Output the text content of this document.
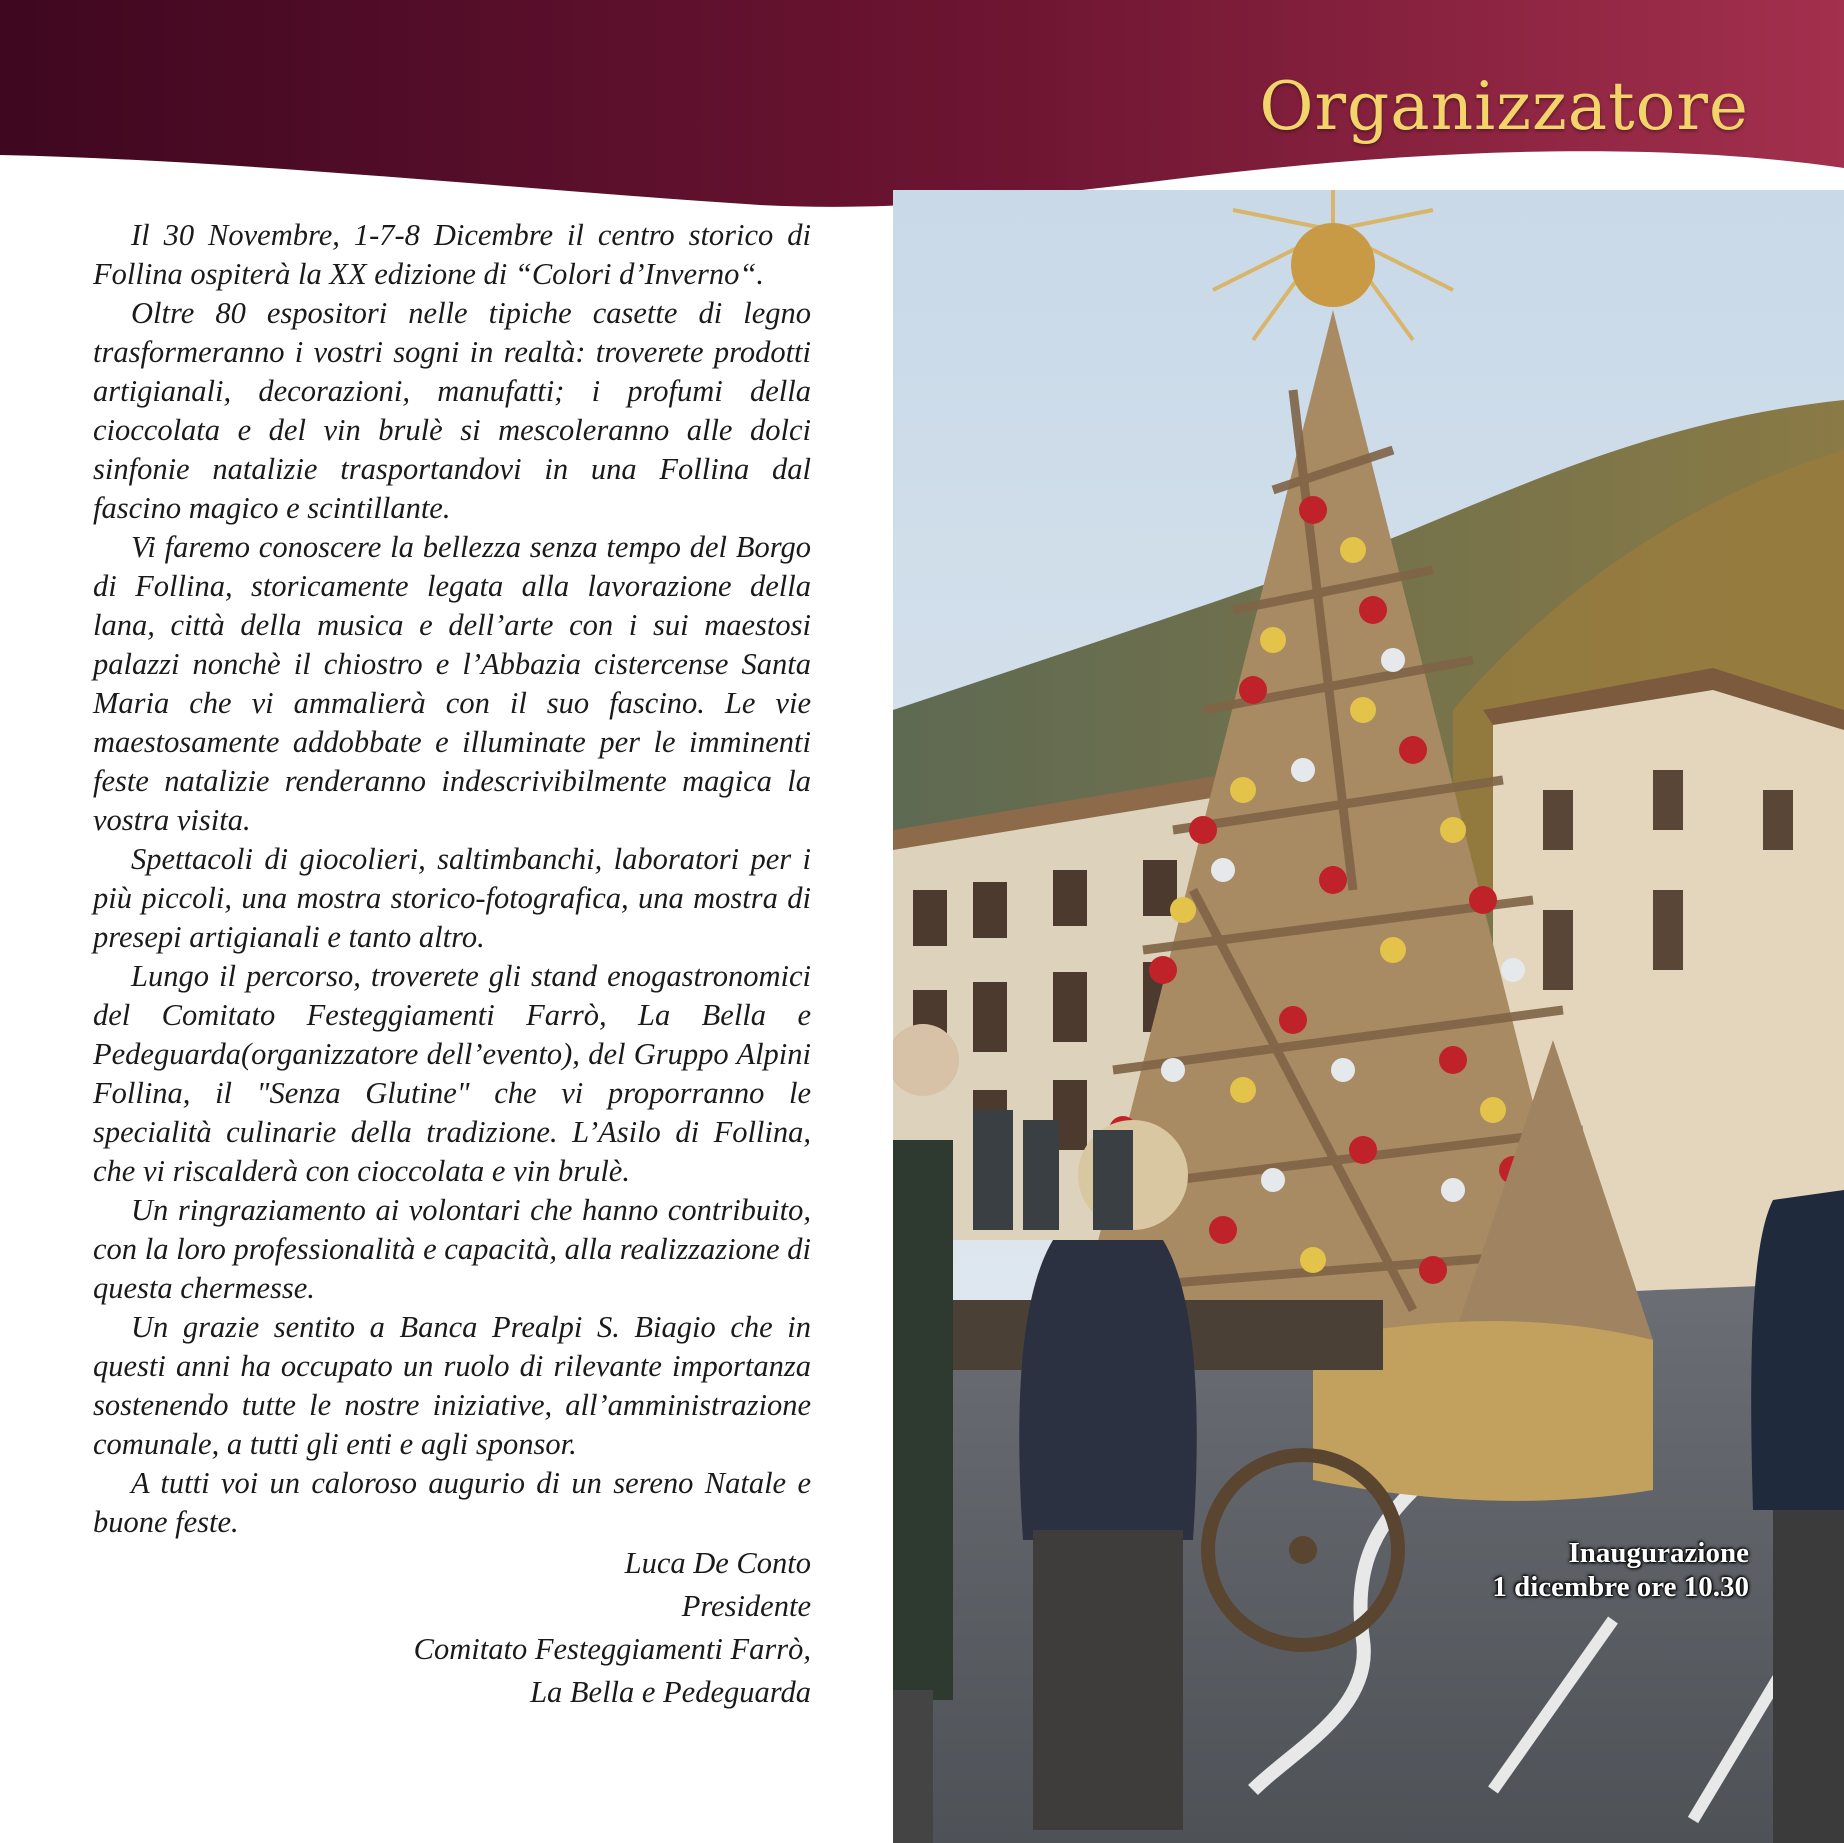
Organizzatore

Il 30 Novembre, 1-7-8 Dicembre il centro storico di Follina ospiterà la XX edizione di “Colori d’Inverno“.

Oltre 80 espositori nelle tipiche casette di legno trasformeranno i vostri sogni in realtà: troverete prodotti artigianali, decorazioni, manufatti; i profumi della cioccolata e del vin brulè si mescoleranno alle dolci sinfonie natalizie trasportandovi in una Follina dal fascino magico e scintillante.

Vi faremo conoscere la bellezza senza tempo del Borgo di Follina, storicamente legata alla lavorazione della lana, città della musica e dell’arte con i sui maestosi palazzi nonchè il chiostro e l’Abbazia cistercense Santa Maria che vi ammalierà con il suo fascino. Le vie maestosamente addobbate e illuminate per le imminenti feste natalizie renderanno indescrivibilmente magica la vostra visita.

Spettacoli di giocolieri, saltimbanchi, laboratori per i più piccoli, una mostra storico-fotografica, una mostra di presepi artigianali e tanto altro.

Lungo il percorso, troverete gli stand enogastronomici del Comitato Festeggiamenti Farrò, La Bella e Pedeguarda(organizzatore dell’evento), del Gruppo Alpini Follina, il "Senza Glutine" che vi proporranno le specialità culinarie della tradizione. L’Asilo di Follina, che vi riscalderà con cioccolata e vin brulè.

Un ringraziamento ai volontari che hanno contribuito, con la loro professionalità e capacità, alla realizzazione di questa chermesse.

Un grazie sentito a Banca Prealpi S. Biagio che in questi anni ha occupato un ruolo di rilevante importanza sostenendo tutte le nostre iniziative, all’amministrazione comunale, a tutti gli enti e agli sponsor.

A tutti voi un caloroso augurio di un sereno Natale e buone feste.

Luca De Conto
Presidente
Comitato Festeggiamenti Farrò,
La Bella e Pedeguarda
Inaugurazione
1 dicembre ore 10.30
